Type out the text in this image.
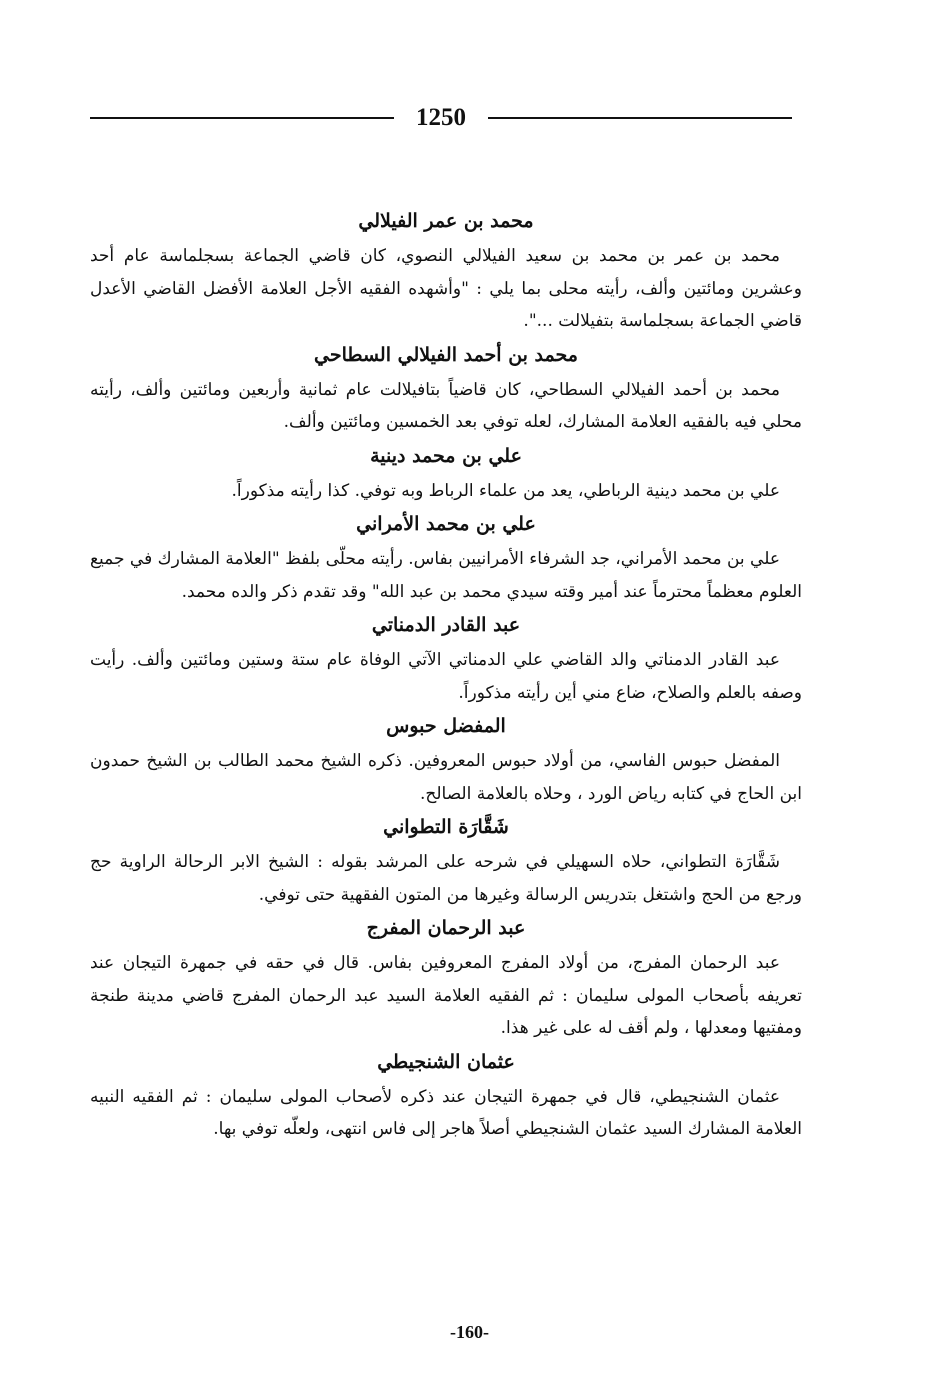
1250
محمد بن عمر الفيلالي
محمد بن عمر بن محمد بن سعيد الفيلالي النصوي، كان قاضي الجماعة بسجلماسة عام أحد وعشرين ومائتين وألف، رأيته محلى بما يلي : "وأشهده الفقيه الأجل العلامة الأفضل القاضي الأعدل قاضي الجماعة بسجلماسة بتفيلالت ...".
محمد بن أحمد الفيلالي السطاحي
محمد بن أحمد الفيلالي السطاحي، كان قاضياً بتافيلالت عام ثمانية وأربعين ومائتين وألف، رأيته محلي فيه بالفقيه العلامة المشارك، لعله توفي بعد الخمسين ومائتين وألف.
علي بن محمد دينية
علي بن محمد دينية الرباطي، يعد من علماء الرباط وبه توفي. كذا رأيته مذكوراً.
علي بن محمد الأمراني
علي بن محمد الأمراني، جد الشرفاء الأمرانيين بفاس. رأيته محلّى بلفظ "العلامة المشارك في جميع العلوم معظماً محترماً عند أمير وقته سيدي محمد بن عبد الله" وقد تقدم ذكر والده محمد.
عبد القادر الدمناتي
عبد القادر الدمناتي والد القاضي علي الدمناتي الآتي الوفاة عام ستة وستين ومائتين وألف. رأيت وصفه بالعلم والصلاح، ضاع مني أين رأيته مذكوراً.
المفضل حبوس
المفضل حبوس الفاسي، من أولاد حبوس المعروفين. ذكره الشيخ محمد الطالب بن الشيخ حمدون ابن الحاج في كتابه رياض الورد ، وحلاه بالعلامة الصالح.
شَقَّارَة التطواني
شَقَّارَة التطواني، حلاه السهيلي في شرحه على المرشد بقوله : الشيخ الابر الرحالة الراوية حج ورجع من الحج واشتغل بتدريس الرسالة وغيرها من المتون الفقهية حتى توفي.
عبد الرحمان المفرج
عبد الرحمان المفرج، من أولاد المفرج المعروفين بفاس. قال في حقه في جمهرة التيجان عند تعريفه بأصحاب المولى سليمان : ثم الفقيه العلامة السيد عبد الرحمان المفرج قاضي مدينة طنجة ومفتيها ومعدلها ، ولم أقف له على غير هذا.
عثمان الشنجيطي
عثمان الشنجيطي، قال في جمهرة التيجان عند ذكره لأصحاب المولى سليمان : ثم الفقيه النبيه العلامة المشارك السيد عثمان الشنجيطي أصلاً هاجر إلى فاس انتهى، ولعلّه توفي بها.
-160-
